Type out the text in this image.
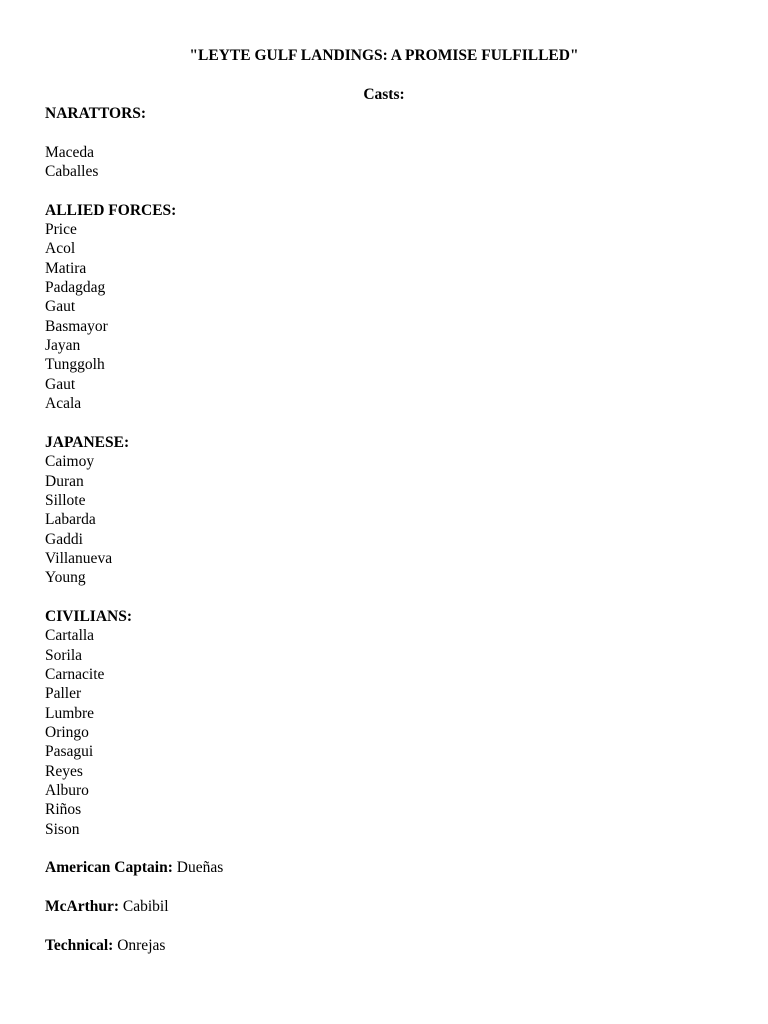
"LEYTE GULF LANDINGS: A PROMISE FULFILLED"
Casts:
NARATTORS:
Maceda
Caballes
ALLIED FORCES:
Price
Acol
Matira
Padagdag
Gaut
Basmayor
Jayan
Tunggolh
Gaut
Acala
JAPANESE:
Caimoy
Duran
Sillote
Labarda
Gaddi
Villanueva
Young
CIVILIANS:
Cartalla
Sorila
Carnacite
Paller
Lumbre
Oringo
Pasagui
Reyes
Alburo
Riños
Sison
American Captain: Dueñas
McArthur: Cabibil
Technical: Onrejas
